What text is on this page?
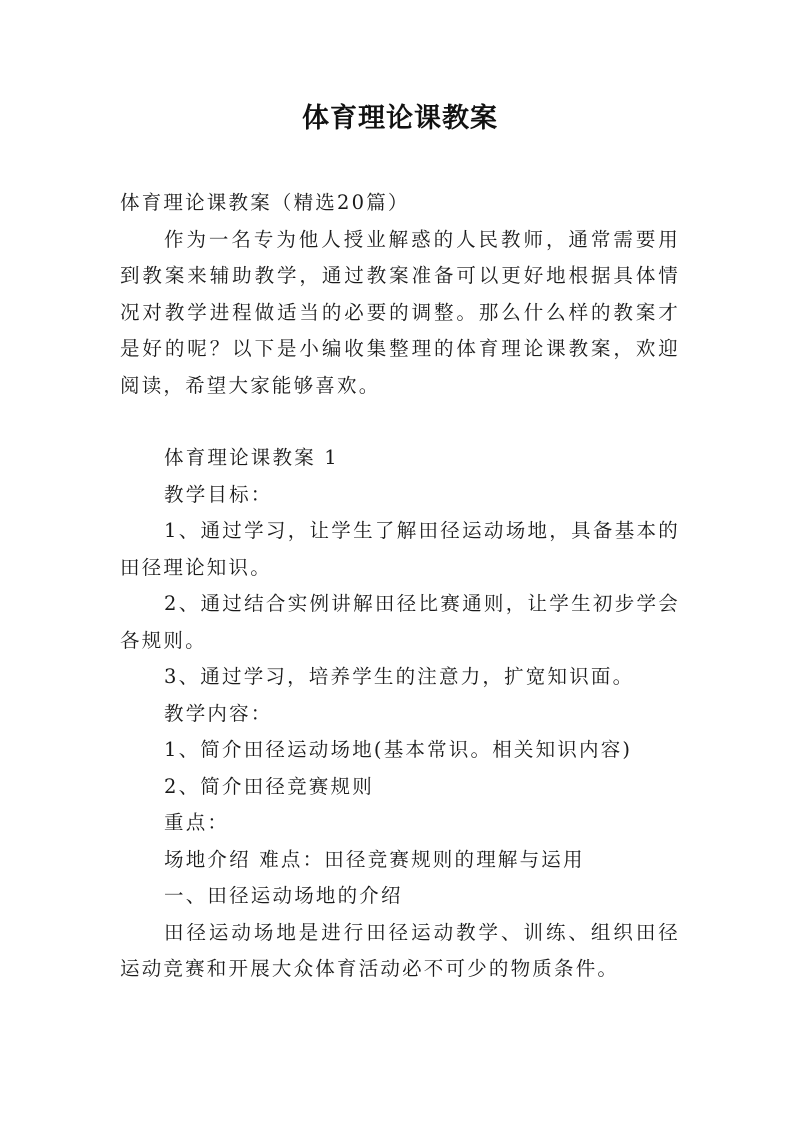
体育理论课教案

体育理论课教案（精选20篇）

作为一名专为他人授业解惑的人民教师，通常需要用到教案来辅助教学，通过教案准备可以更好地根据具体情况对教学进程做适当的必要的调整。那么什么样的教案才是好的呢？以下是小编收集整理的体育理论课教案，欢迎阅读，希望大家能够喜欢。

体育理论课教案 1

教学目标：

1、通过学习，让学生了解田径运动场地，具备基本的田径理论知识。

2、通过结合实例讲解田径比赛通则，让学生初步学会各规则。

3、通过学习，培养学生的注意力，扩宽知识面。

教学内容：

1、简介田径运动场地(基本常识。相关知识内容)

2、简介田径竞赛规则

重点：

场地介绍 难点：田径竞赛规则的理解与运用

一、田径运动场地的介绍

田径运动场地是进行田径运动教学、训练、组织田径运动竞赛和开展大众体育活动必不可少的物质条件。
